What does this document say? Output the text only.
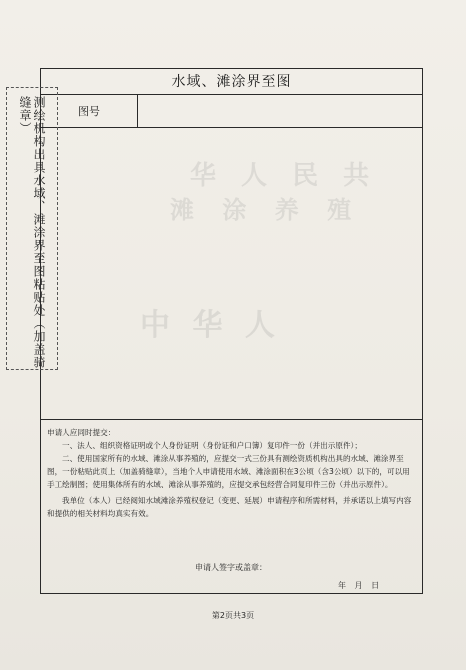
华 人 民 共
滩 涂 养 殖
中 华 人
水域、滩涂界至图
图号

申请人应同时提交：

一、法人、组织资格证明或个人身份证明（身份证和户口簿）复印件一份（并出示原件）；

二、使用国家所有的水域、滩涂从事养殖的，应提交一式三份具有测绘资质机构出具的水域、滩涂界至图，一份粘贴此页上（加盖骑缝章），当地个人申请使用水域、滩涂面积在3公顷（含3公顷）以下的，可以用手工绘制图；使用集体所有的水域、滩涂从事养殖的，应提交承包经营合同复印件三份（并出示原件）。

我单位（本人）已经阅知水域滩涂养殖权登记（变更、延展）申请程序和所需材料，并承诺以上填写内容和提供的相关材料均真实有效。

测绘机构出具水域、滩涂界至图粘贴处（加盖骑缝章）
申请人签字或盖章：
年 月 日
第2页共3页
